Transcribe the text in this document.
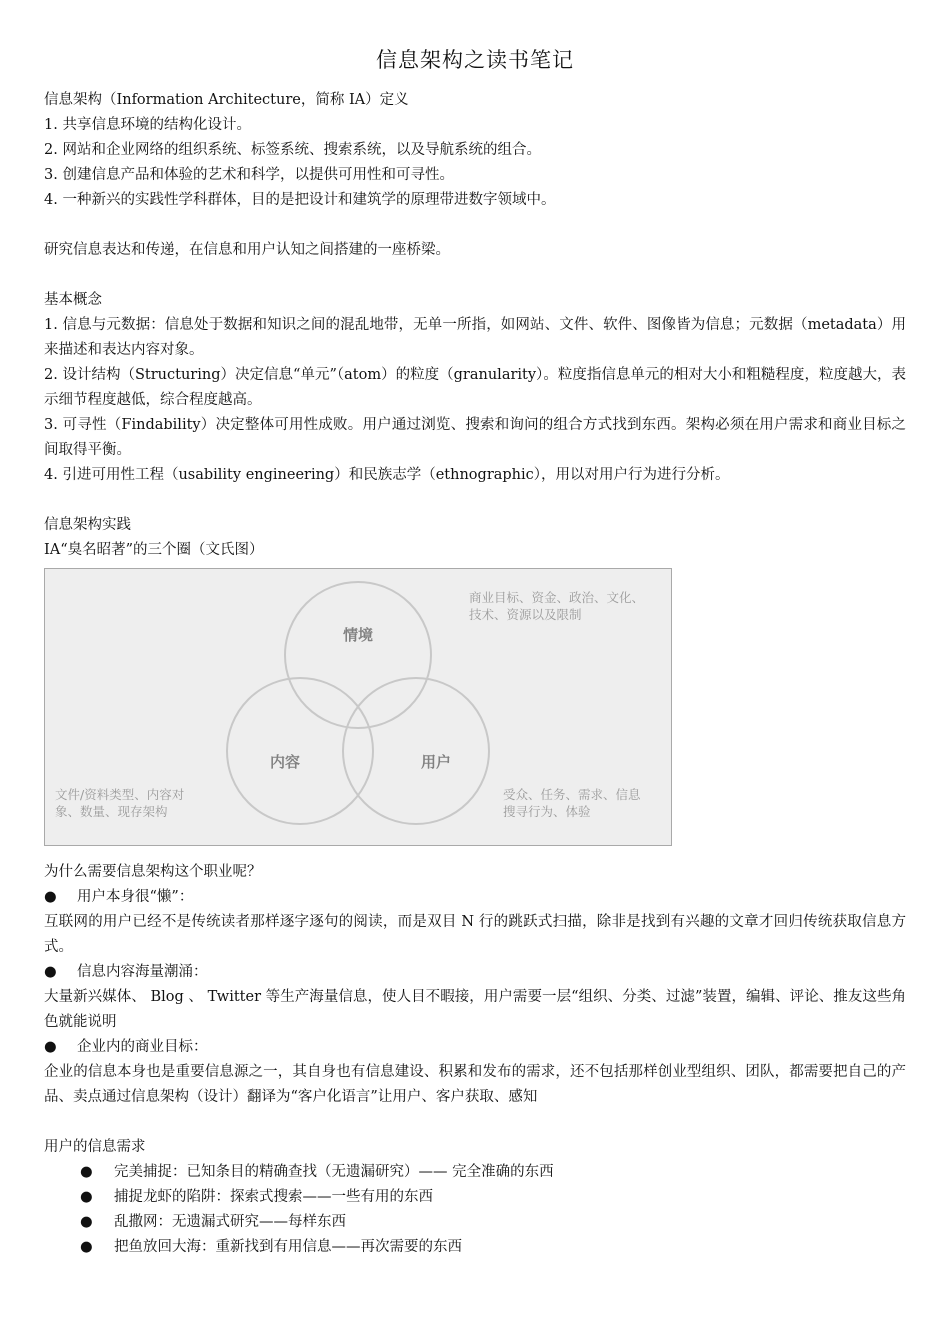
信息架构之读书笔记
信息架构（Information Architecture，简称 IA）定义
1. 共享信息环境的结构化设计。
2. 网站和企业网络的组织系统、标签系统、搜索系统，以及导航系统的组合。
3. 创建信息产品和体验的艺术和科学，以提供可用性和可寻性。
4. 一种新兴的实践性学科群体，目的是把设计和建筑学的原理带进数字领域中。
研究信息表达和传递，在信息和用户认知之间搭建的一座桥梁。
基本概念
1. 信息与元数据：信息处于数据和知识之间的混乱地带，无单一所指，如网站、文件、软件、图像皆为信息；元数据（metadata）用来描述和表达内容对象。
2. 设计结构（Structuring）决定信息“单元”（atom）的粒度（granularity）。粒度指信息单元的相对大小和粗糙程度，粒度越大，表示细节程度越低，综合程度越高。
3. 可寻性（Findability）决定整体可用性成败。用户通过浏览、搜索和询问的组合方式找到东西。架构必须在用户需求和商业目标之间取得平衡。
4. 引进可用性工程（usability engineering）和民族志学（ethnographic），用以对用户行为进行分析。
信息架构实践
IA“臭名昭著”的三个圈（文氏图）
情境
内容	用户
商业目标、资金、政治、文化、
技术、资源以及限制
文件/资料类型、内容对
象、数量、现存架构
受众、任务、需求、信息
搜寻行为、体验
为什么需要信息架构这个职业呢？
● 用户本身很“懒”：
互联网的用户已经不是传统读者那样逐字逐句的阅读，而是双目 N 行的跳跃式扫描，除非是找到有兴趣的文章才回归传统获取信息方式。
● 信息内容海量潮涌：
大量新兴媒体、 Blog 、 Twitter 等生产海量信息，使人目不暇接，用户需要一层“组织、分类、过滤”装置，编辑、评论、推友这些角色就能说明
● 企业内的商业目标：
企业的信息本身也是重要信息源之一，其自身也有信息建设、积累和发布的需求，还不包括那样创业型组织、团队，都需要把自己的产品、卖点通过信息架构（设计）翻译为“客户化语言”让用户、客户获取、感知
用户的信息需求
● 完美捕捉：已知条目的精确查找（无遗漏研究）—— 完全准确的东西
● 捕捉龙虾的陷阱：探索式搜索——一些有用的东西
● 乱撒网：无遗漏式研究——每样东西
● 把鱼放回大海：重新找到有用信息——再次需要的东西
